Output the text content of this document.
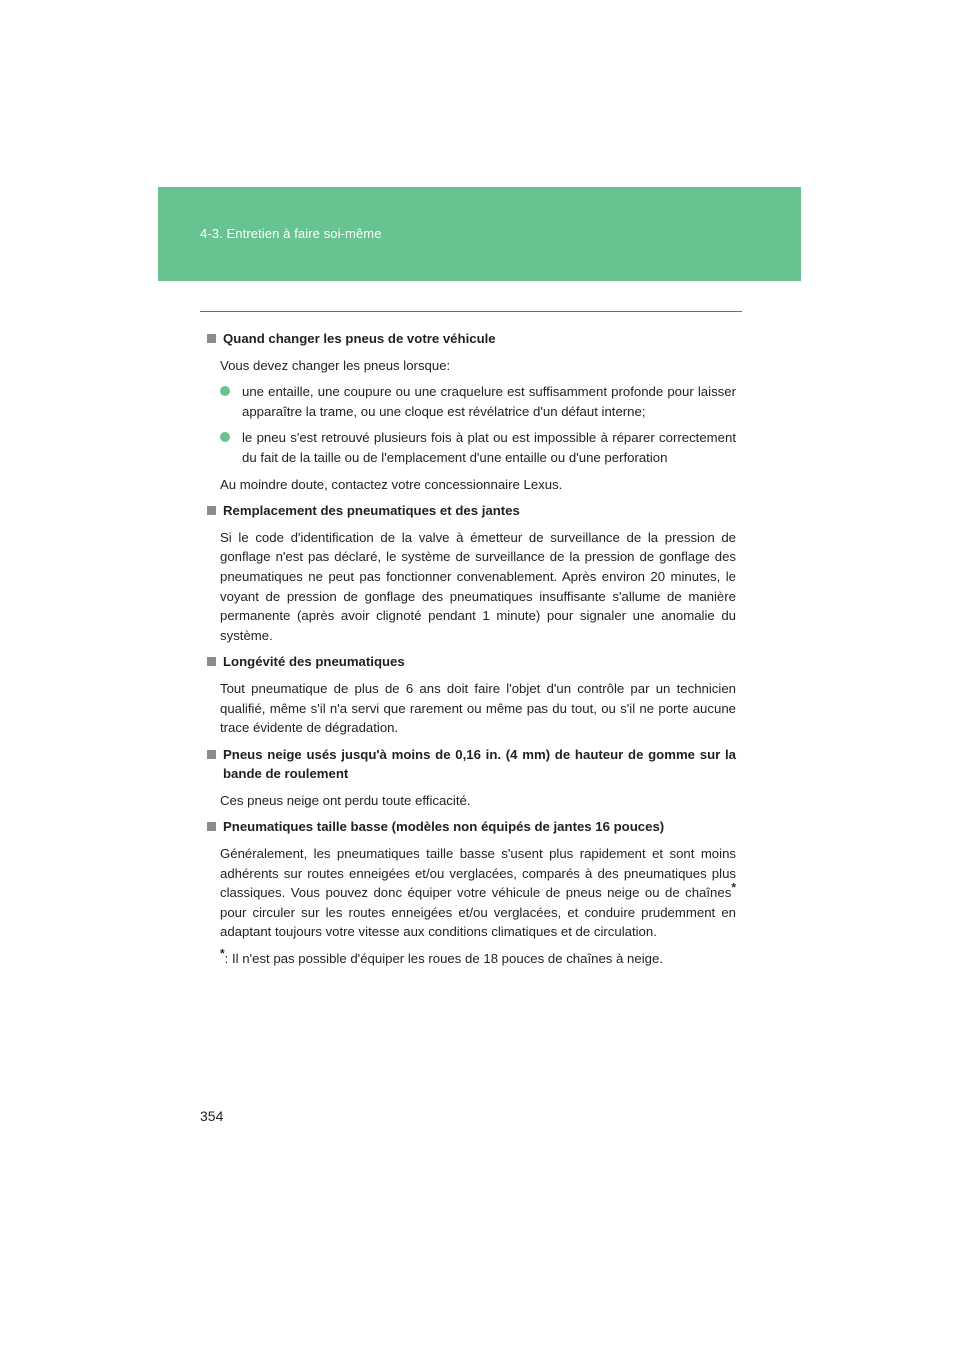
4-3. Entretien à faire soi-même
Quand changer les pneus de votre véhicule
Vous devez changer les pneus lorsque:
une entaille, une coupure ou une craquelure est suffisamment profonde pour laisser apparaître la trame, ou une cloque est révélatrice d'un défaut interne;
le pneu s'est retrouvé plusieurs fois à plat ou est impossible à réparer correctement du fait de la taille ou de l'emplacement d'une entaille ou d'une perforation
Au moindre doute, contactez votre concessionnaire Lexus.
Remplacement des pneumatiques et des jantes
Si le code d'identification de la valve à émetteur de surveillance de la pression de gonflage n'est pas déclaré, le système de surveillance de la pression de gonflage des pneumatiques ne peut pas fonctionner convenablement. Après environ 20 minutes, le voyant de pression de gonflage des pneumatiques insuffisante s'allume de manière permanente (après avoir clignoté pendant 1 minute) pour signaler une anomalie du système.
Longévité des pneumatiques
Tout pneumatique de plus de 6 ans doit faire l'objet d'un contrôle par un technicien qualifié, même s'il n'a servi que rarement ou même pas du tout, ou s'il ne porte aucune trace évidente de dégradation.
Pneus neige usés jusqu'à moins de 0,16 in. (4 mm) de hauteur de gomme sur la bande de roulement
Ces pneus neige ont perdu toute efficacité.
Pneumatiques taille basse (modèles non équipés de jantes 16 pouces)
Généralement, les pneumatiques taille basse s'usent plus rapidement et sont moins adhérents sur routes enneigées et/ou verglacées, comparés à des pneumatiques plus classiques. Vous pouvez donc équiper votre véhicule de pneus neige ou de chaînes* pour circuler sur les routes enneigées et/ou verglacées, et conduire prudemment en adaptant toujours votre vitesse aux conditions climatiques et de circulation.
*: Il n'est pas possible d'équiper les roues de 18 pouces de chaînes à neige.
354
